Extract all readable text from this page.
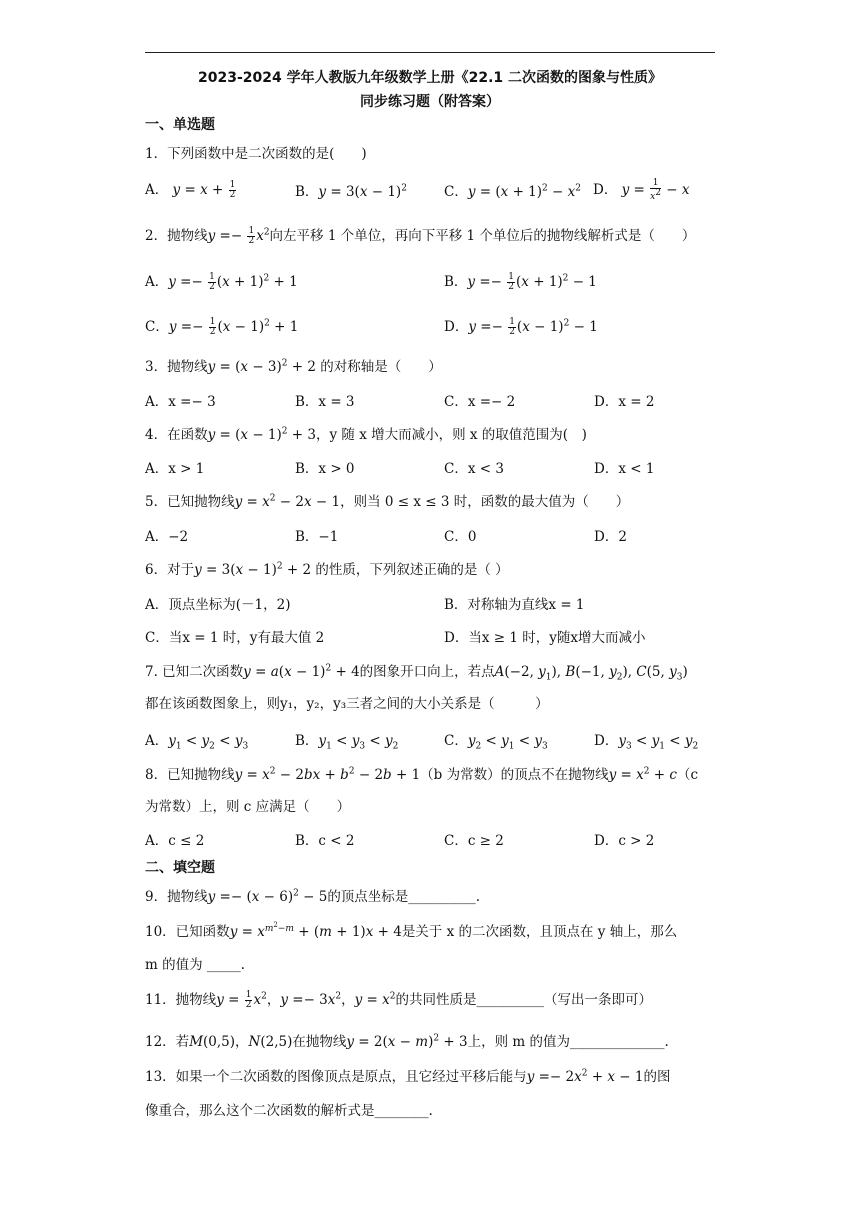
2023-2024 学年人教版九年级数学上册《22.1 二次函数的图象与性质》
同步练习题（附答案）
一、单选题
1．下列函数中是二次函数的是(　　)
A． $y = x + \frac{1}{2}$	B．$y = 3(x - 1)^2$	C．$y = (x + 1)^2 - x^2$ D． $y = \frac{1}{x^2} - x$
2．抛物线$y =- \frac{1}{2} x^2$向左平移 1 个单位，再向下平移 1 个单位后的抛物线解析式是（　　）
A．$y =- \frac{1}{2} (x + 1)^2 + 1$	B．$y =- \frac{1}{2} (x + 1)^2 - 1$
C．$y =- \frac{1}{2} (x - 1)^2 + 1$	D．$y =- \frac{1}{2} (x - 1)^2 - 1$
3．抛物线$y = (x - 3)^2 + 2$ 的对称轴是（　　）
A．x =− 3	B．x = 3	C．x =− 2	D．x = 2
4．在函数$y = (x - 1)^2 + 3$，y 随 x 增大而减小，则 x 的取值范围为(　)
A．x > 1	B．x > 0	C．x < 3	D．x < 1
5．已知抛物线$y = x^2 - 2x - 1$，则当 0 ≤ x ≤ 3 时，函数的最大值为（　　）
A．−2	B．−1	C．0	D．2
6．对于$y = 3(x - 1)^2 + 2$ 的性质，下列叙述正确的是（ ）
A．顶点坐标为(－1，2)	B．对称轴为直线x = 1
C．当x = 1 时，y有最大值 2	D．当x ≥ 1 时，y随x增大而减小
7. 已知二次函数$y = a(x - 1)^2 + 4$的图象开口向上，若点A(−2, $y_1$), B(−1, $y_2$), C(5, $y_3$)
都在该函数图象上，则y₁，y₂，y₃三者之间的大小关系是（　　　）
A．$y_1 < y_2 < y_3$	B．$y_1 < y_3 < y_2$	C．$y_2 < y_1 < y_3$	D．$y_3 < y_1 < y_2$
8．已知抛物线$y = x^2 - 2bx + b^2 - 2b + 1(b$ 为常数）的顶点不在抛物线$y = x^2 + c(c$
为常数）上，则 c 应满足（　　）
A．c ≤ 2	B．c < 2	C．c ≥ 2	D．c > 2
二、填空题
9．抛物线$y =- (x - 6)^2 - 5$的顶点坐标是__________.
10．已知函数$y = x^{m^2-m} + (m + 1)x + 4$是关于 x 的二次函数，且顶点在 y 轴上，那么
m 的值为 _____.
11．抛物线$y = \frac{1}{2} x^2$，$y =- 3x^2$，$y = x^2$的共同性质是__________（写出一条即可）
12．若M(0,5)，N(2,5)在抛物线$y = 2(x - m)^2 + 3$上，则 m 的值为______________.
13．如果一个二次函数的图像顶点是原点，且它经过平移后能与$y =- 2x^2 + x - 1$的图
像重合，那么这个二次函数的解析式是________.
